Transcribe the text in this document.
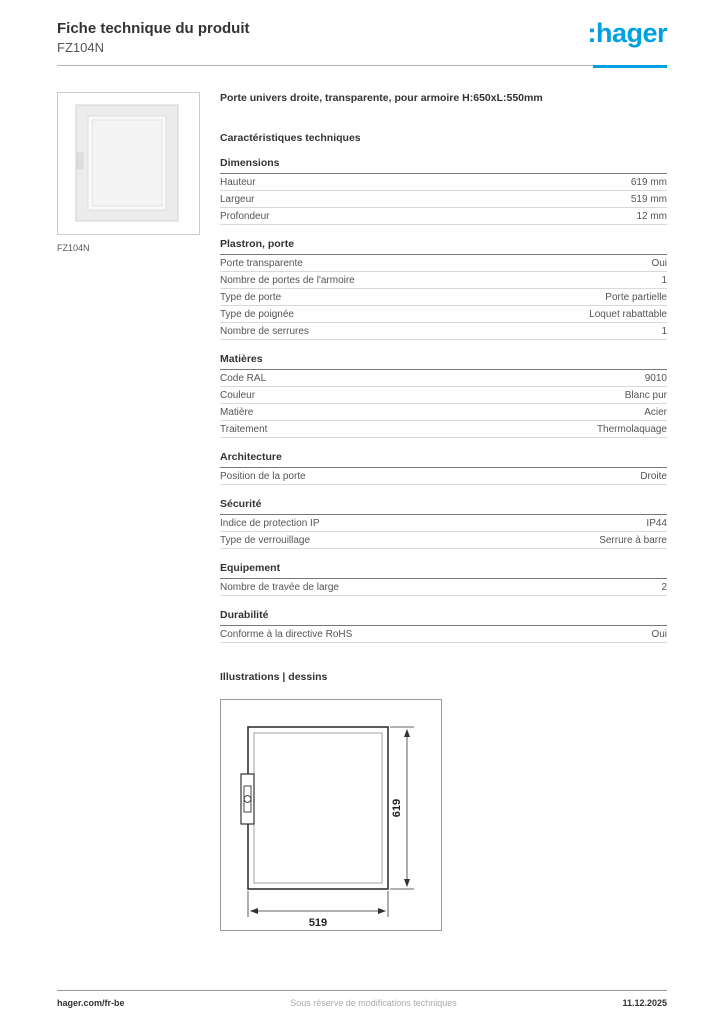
Fiche technique du produit
FZ104N	:hager
FZ104N
Porte univers droite, transparente, pour armoire H:650xL:550mm
Caractéristiques techniques
Dimensions
Hauteur	619 mm
Largeur	519 mm
Profondeur	12 mm
Plastron, porte
Porte transparente	Oui
Nombre de portes de l'armoire	1
Type de porte	Porte partielle
Type de poignée	Loquet rabattable
Nombre de serrures	1
Matières
Code RAL	9010
Couleur	Blanc pur
Matière	Acier
Traitement	Thermolaquage
Architecture
Position de la porte	Droite
Sécurité
Indice de protection IP	IP44
Type de verrouillage	Serrure à barre
Equipement
Nombre de travée de large	2
Durabilité
Conforme à la directive RoHS	Oui
Illustrations | dessins
619
519
hager.com/fr-be	Sous réserve de modifications techniques	11.12.2025
